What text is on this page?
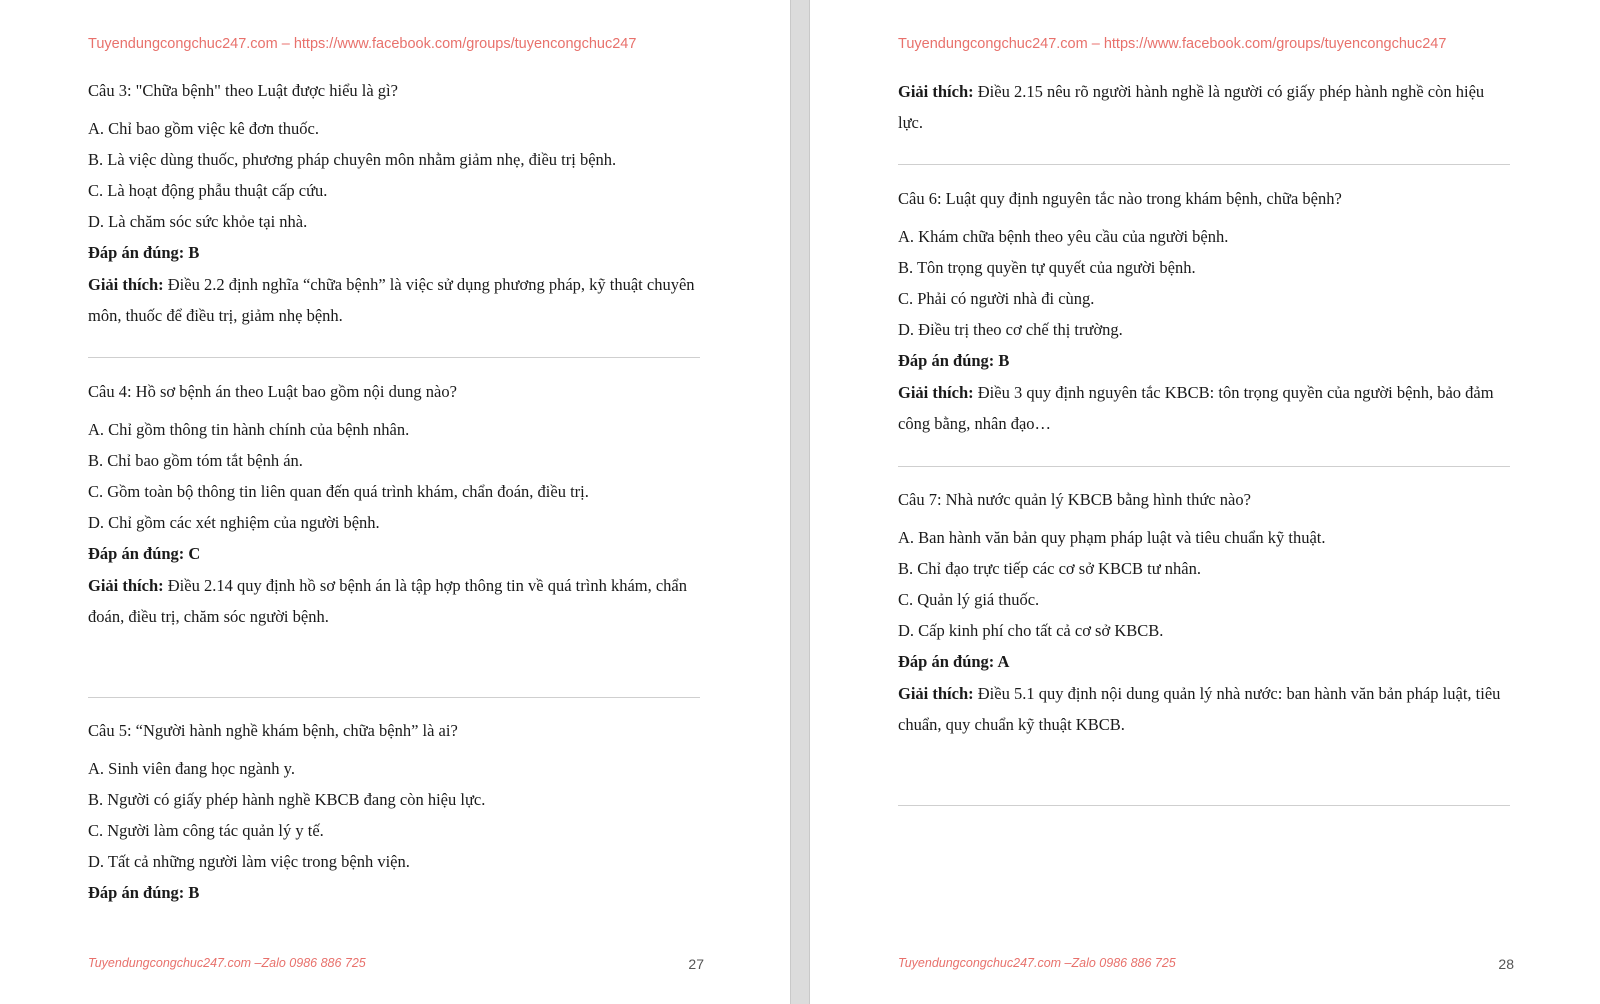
Tuyendungcongchuc247.com – https://www.facebook.com/groups/tuyencongchuc247
Câu 3: "Chữa bệnh" theo Luật được hiểu là gì?
A. Chỉ bao gồm việc kê đơn thuốc.
B. Là việc dùng thuốc, phương pháp chuyên môn nhằm giảm nhẹ, điều trị bệnh.
C. Là hoạt động phẫu thuật cấp cứu.
D. Là chăm sóc sức khỏe tại nhà.
Đáp án đúng: B
Giải thích: Điều 2.2 định nghĩa “chữa bệnh” là việc sử dụng phương pháp, kỹ thuật chuyên môn, thuốc để điều trị, giảm nhẹ bệnh.
Câu 4: Hồ sơ bệnh án theo Luật bao gồm nội dung nào?
A. Chỉ gồm thông tin hành chính của bệnh nhân.
B. Chỉ bao gồm tóm tắt bệnh án.
C. Gồm toàn bộ thông tin liên quan đến quá trình khám, chẩn đoán, điều trị.
D. Chỉ gồm các xét nghiệm của người bệnh.
Đáp án đúng: C
Giải thích: Điều 2.14 quy định hồ sơ bệnh án là tập hợp thông tin về quá trình khám, chẩn đoán, điều trị, chăm sóc người bệnh.
Câu 5: “Người hành nghề khám bệnh, chữa bệnh” là ai?
A. Sinh viên đang học ngành y.
B. Người có giấy phép hành nghề KBCB đang còn hiệu lực.
C. Người làm công tác quản lý y tế.
D. Tất cả những người làm việc trong bệnh viện.
Đáp án đúng: B
Tuyendungcongchuc247.com –Zalo 0986 886 725	27
Tuyendungcongchuc247.com – https://www.facebook.com/groups/tuyencongchuc247
Giải thích: Điều 2.15 nêu rõ người hành nghề là người có giấy phép hành nghề còn hiệu lực.
Câu 6: Luật quy định nguyên tắc nào trong khám bệnh, chữa bệnh?
A. Khám chữa bệnh theo yêu cầu của người bệnh.
B. Tôn trọng quyền tự quyết của người bệnh.
C. Phải có người nhà đi cùng.
D. Điều trị theo cơ chế thị trường.
Đáp án đúng: B
Giải thích: Điều 3 quy định nguyên tắc KBCB: tôn trọng quyền của người bệnh, bảo đảm công bằng, nhân đạo…
Câu 7: Nhà nước quản lý KBCB bằng hình thức nào?
A. Ban hành văn bản quy phạm pháp luật và tiêu chuẩn kỹ thuật.
B. Chỉ đạo trực tiếp các cơ sở KBCB tư nhân.
C. Quản lý giá thuốc.
D. Cấp kinh phí cho tất cả cơ sở KBCB.
Đáp án đúng: A
Giải thích: Điều 5.1 quy định nội dung quản lý nhà nước: ban hành văn bản pháp luật, tiêu chuẩn, quy chuẩn kỹ thuật KBCB.
Tuyendungcongchuc247.com –Zalo 0986 886 725	28
